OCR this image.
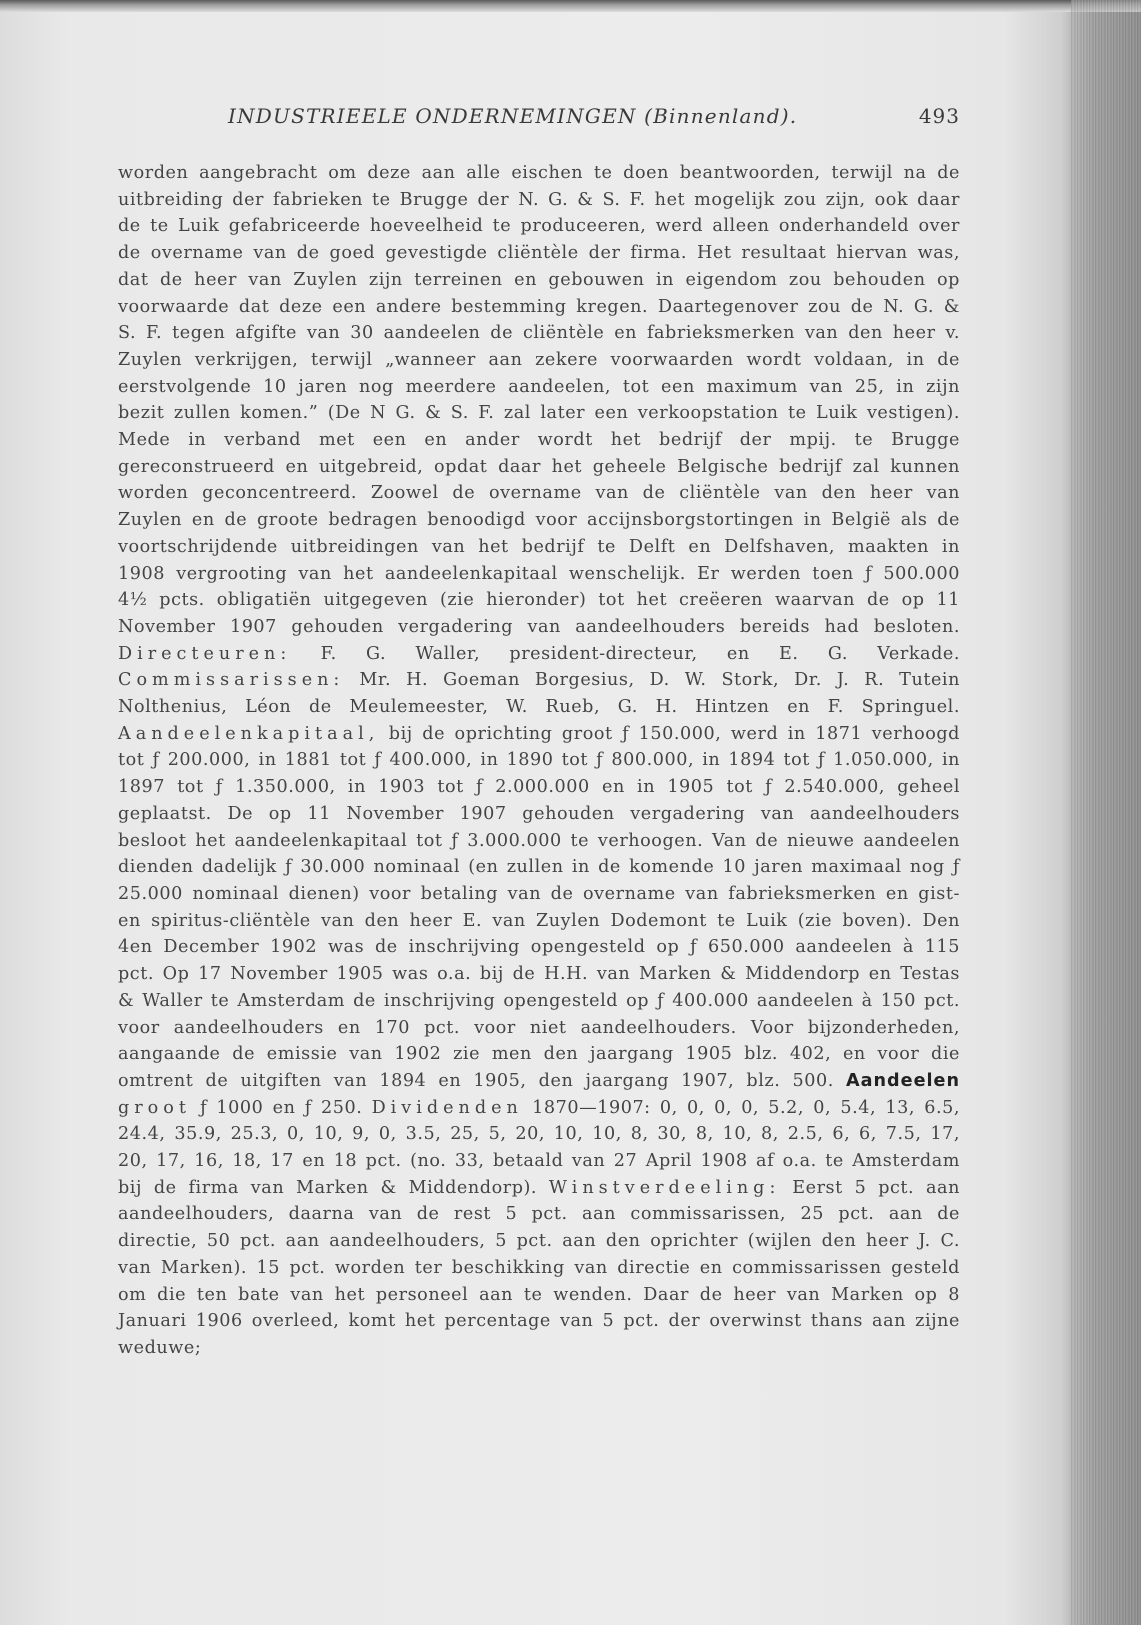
INDUSTRIEELE ONDERNEMINGEN (Binnenland).	493

worden aangebracht om deze aan alle eischen te doen beantwoorden, terwijl na de uitbreiding der fabrieken te Brugge der N. G. & S. F. het mogelijk zou zijn, ook daar de te Luik gefabriceerde hoeveelheid te produceeren, werd alleen onderhandeld over de overname van de goed gevestigde cliëntèle der firma. Het resultaat hiervan was, dat de heer van Zuylen zijn terreinen en gebouwen in eigendom zou behouden op voorwaarde dat deze een andere bestemming kregen. Daartegenover zou de N. G. & S. F. tegen afgifte van 30 aandeelen de cliëntèle en fabrieksmerken van den heer v. Zuylen verkrijgen, terwijl „wanneer aan zekere voorwaarden wordt voldaan, in de eerstvolgende 10 jaren nog meerdere aandeelen, tot een maximum van 25, in zijn bezit zullen komen.” (De N G. & S. F. zal later een verkoopstation te Luik vestigen). Mede in verband met een en ander wordt het bedrijf der mpij. te Brugge gereconstrueerd en uitgebreid, opdat daar het geheele Belgische bedrijf zal kunnen worden geconcentreerd. Zoowel de overname van de cliëntèle van den heer van Zuylen en de groote bedragen benoodigd voor accijnsborgstortingen in België als de voortschrijdende uitbreidingen van het bedrijf te Delft en Delfshaven, maakten in 1908 vergrooting van het aandeelenkapitaal wenschelijk. Er werden toen ƒ 500.000 4½ pcts. obligatiën uitgegeven (zie hieronder) tot het creëeren waarvan de op 11 November 1907 gehouden vergadering van aandeelhouders bereids had besloten. Directeuren: F. G. Waller, president-directeur, en E. G. Verkade. Commissarissen: Mr. H. Goeman Borgesius, D. W. Stork, Dr. J. R. Tutein Nolthenius, Léon de Meulemeester, W. Rueb, G. H. Hintzen en F. Springuel. Aandeelenkapitaal, bij de oprichting groot ƒ 150.000, werd in 1871 verhoogd tot ƒ 200.000, in 1881 tot ƒ 400.000, in 1890 tot ƒ 800.000, in 1894 tot ƒ 1.050.000, in 1897 tot ƒ 1.350.000, in 1903 tot ƒ 2.000.000 en in 1905 tot ƒ 2.540.000, geheel geplaatst. De op 11 November 1907 gehouden vergadering van aandeelhouders besloot het aandeelenkapitaal tot ƒ 3.000.000 te verhoogen. Van de nieuwe aandeelen dienden dadelijk ƒ 30.000 nominaal (en zullen in de komende 10 jaren maximaal nog ƒ 25.000 nominaal dienen) voor betaling van de overname van fabrieksmerken en gist- en spiritus-cliëntèle van den heer E. van Zuylen Dodemont te Luik (zie boven). Den 4en December 1902 was de inschrijving opengesteld op ƒ 650.000 aandeelen à 115 pct. Op 17 November 1905 was o.a. bij de H.H. van Marken & Middendorp en Testas & Waller te Amsterdam de inschrijving opengesteld op ƒ 400.000 aandeelen à 150 pct. voor aandeelhouders en 170 pct. voor niet aandeelhouders. Voor bijzonderheden, aangaande de emissie van 1902 zie men den jaargang 1905 blz. 402, en voor die omtrent de uitgiften van 1894 en 1905, den jaargang 1907, blz. 500. Aandeelen groot ƒ 1000 en ƒ 250. Dividenden 1870—1907: 0, 0, 0, 0, 5.2, 0, 5.4, 13, 6.5, 24.4, 35.9, 25.3, 0, 10, 9, 0, 3.5, 25, 5, 20, 10, 10, 8, 30, 8, 10, 8, 2.5, 6, 6, 7.5, 17, 20, 17, 16, 18, 17 en 18 pct. (no. 33, betaald van 27 April 1908 af o.a. te Amsterdam bij de firma van Marken & Middendorp). Winstverdeeling: Eerst 5 pct. aan aandeelhouders, daarna van de rest 5 pct. aan commissarissen, 25 pct. aan de directie, 50 pct. aan aandeelhouders, 5 pct. aan den oprichter (wijlen den heer J. C. van Marken). 15 pct. worden ter beschikking van directie en commissarissen gesteld om die ten bate van het personeel aan te wenden. Daar de heer van Marken op 8 Januari 1906 overleed, komt het percentage van 5 pct. der overwinst thans aan zijne weduwe;
